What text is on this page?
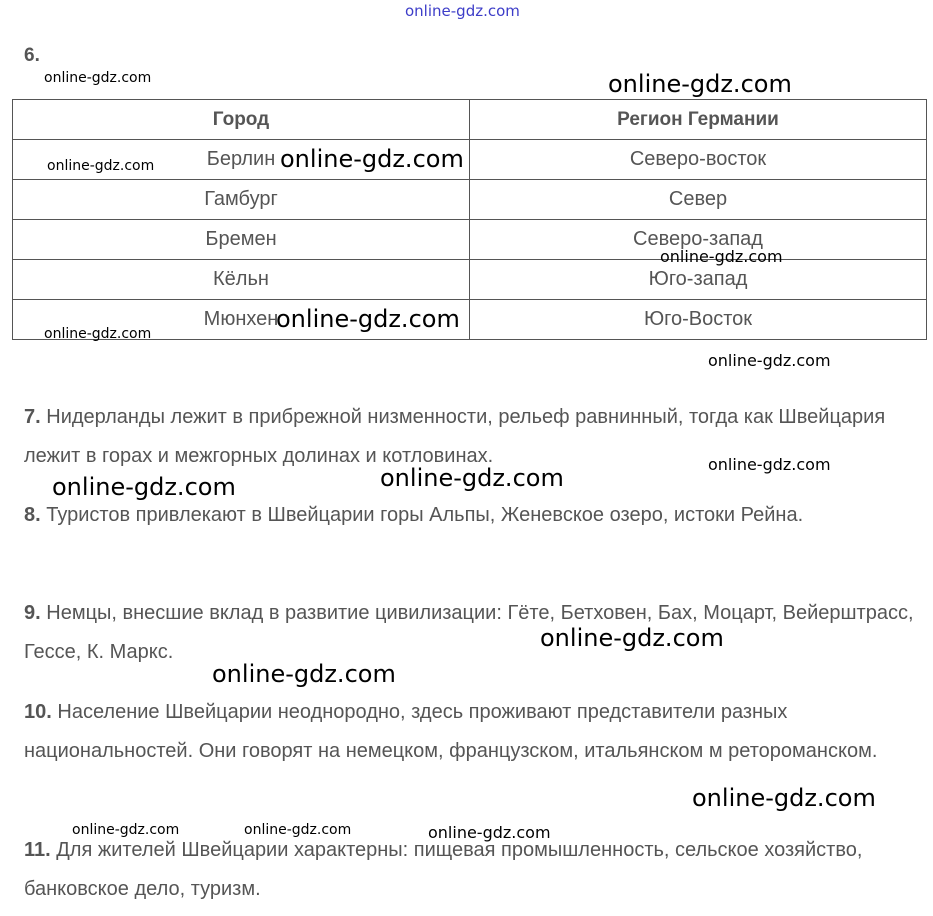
6.
Город	Регион Германии
Берлин	Северо-восток
Гамбург	Север
Бремен	Северо-запад
Кёльн	Юго-запад
Мюнхен	Юго-Восток

7. Нидерланды лежит в прибрежной низменности, рельеф равнинный, тогда как Швейцария лежит в горах и межгорных долинах и котловинах.

8. Туристов привлекают в Швейцарии горы Альпы, Женевское озеро, истоки Рейна.

9. Немцы, внесшие вклад в развитие цивилизации: Гёте, Бетховен, Бах, Моцарт, Вейерштрасс, Гессе, К. Маркс.

10. Население Швейцарии неоднородно, здесь проживают представители разных национальностей. Они говорят на немецком, французском, итальянском м ретороманском.

11. Для жителей Швейцарии характерны: пищевая промышленность, сельское хозяйство, банковское дело, туризм.

online-gdz.com
online-gdz.com	online-gdz.com
online-gdz.com	online-gdz.com
online-gdz.com
online-gdz.com
online-gdz.com
online-gdz.com
online-gdz.com
online-gdz.com
online-gdz.com
online-gdz.com
online-gdz.com
online-gdz.com
online-gdz.com	online-gdz.com	online-gdz.com
